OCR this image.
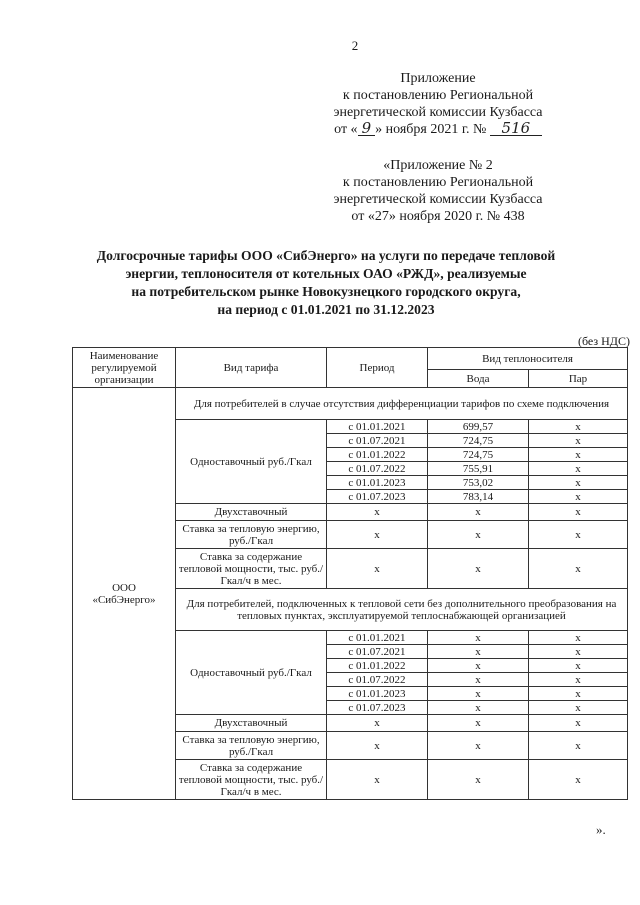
2
Приложение
к постановлению Региональной
энергетической комиссии Кузбасса
от « 9 » ноября 2021 г. № 516
«Приложение № 2
к постановлению Региональной
энергетической комиссии Кузбасса
от «27» ноября 2020 г. № 438
Долгосрочные тарифы ООО «СибЭнерго» на услуги по передаче тепловой
энергии, теплоносителя от котельных ОАО «РЖД», реализуемые
на потребительском рынке Новокузнецкого городского округа,
на период с 01.01.2021 по 31.12.2023
(без НДС)
Наименование регулируемой организации	Вид тарифа	Период	Вид теплоносителя	
			Вода	Пар

ООО
«СибЭнерго»	Для потребителей в случае отсутствия дифференциации тарифов по схеме подключения			
	Одноставочный руб./Гкал	с 01.01.2021	699,57	x
		с 01.07.2021	724,75	x
		с 01.01.2022	724,75	x
		с 01.07.2022	755,91	x
		с 01.01.2023	753,02	x
		с 01.07.2023	783,14	x
	Двухставочный	x	x	x
	Ставка за тепловую энергию, руб./Гкал	x	x	x
	Ставка за содержание тепловой мощности, тыс. руб./Гкал/ч в мес.	x	x	x
	Для потребителей, подключенных к тепловой сети без дополнительного преобразования на тепловых пунктах, эксплуатируемой теплоснабжающей организацией			
	Одноставочный руб./Гкал	с 01.01.2021	x	x
		с 01.07.2021	x	x
		с 01.01.2022	x	x
		с 01.07.2022	x	x
		с 01.01.2023	x	x
		с 01.07.2023	x	x
	Двухставочный	x	x	x
	Ставка за тепловую энергию, руб./Гкал	x	x	x
	Ставка за содержание тепловой мощности, тыс. руб./Гкал/ч в мес.	x	x	x
».
